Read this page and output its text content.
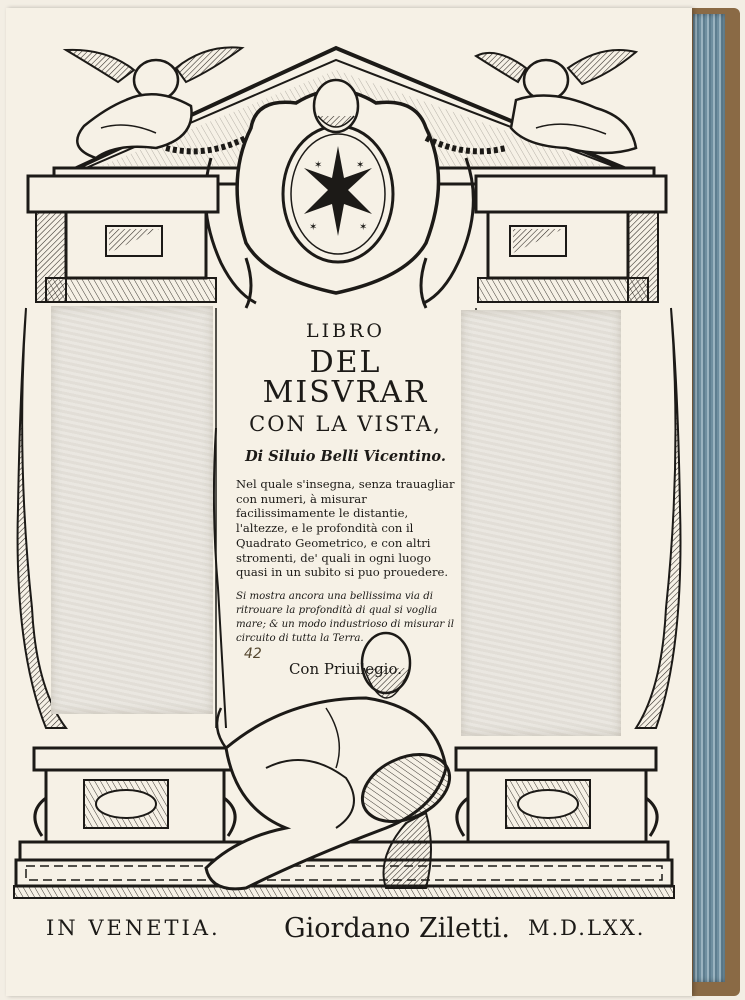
✶	✶
✶	✶
LIBRO
DEL MISVRAR
CON LA VISTA,
Di Siluio Belli Vicentino.
Nel quale s'insegna, senza trauagliar con numeri, à misurar facilissimamente le distantie, l'altezze, e le profondità con il Quadrato Geometrico, e con altri stromenti, de' quali in ogni luogo quasi in un subito si puo prouedere.
Si mostra ancora una bellissima via di ritrouare la profondità di qual si voglia mare; & un modo industrioso di misurar il circuito di tutta la Terra.
Con Priuilegio.
42
IN VENETIA. Giordano Ziletti. M.D.LXX.
